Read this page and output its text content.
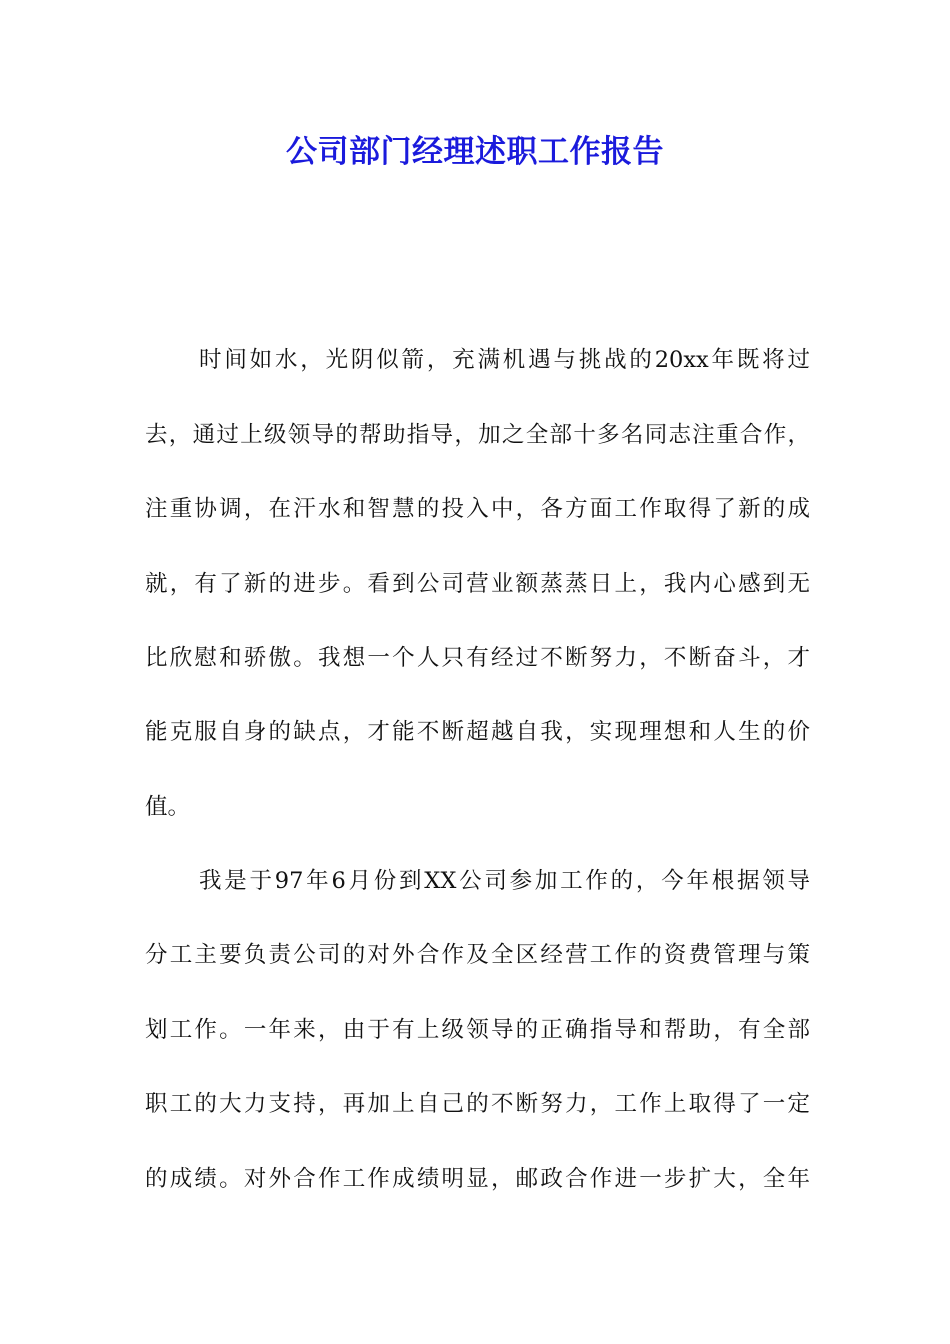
公司部门经理述职工作报告
时间如水，光阴似箭，充满机遇与挑战的20xx年既将过
去，通过上级领导的帮助指导，加之全部十多名同志注重合作，
注重协调，在汗水和智慧的投入中，各方面工作取得了新的成
就，有了新的进步。看到公司营业额蒸蒸日上，我内心感到无
比欣慰和骄傲。我想一个人只有经过不断努力，不断奋斗，才
能克服自身的缺点，才能不断超越自我，实现理想和人生的价
值。
我是于97年6月份到XX公司参加工作的，今年根据领导
分工主要负责公司的对外合作及全区经营工作的资费管理与策
划工作。一年来，由于有上级领导的正确指导和帮助，有全部
职工的大力支持，再加上自己的不断努力，工作上取得了一定
的成绩。对外合作工作成绩明显，邮政合作进一步扩大，全年
